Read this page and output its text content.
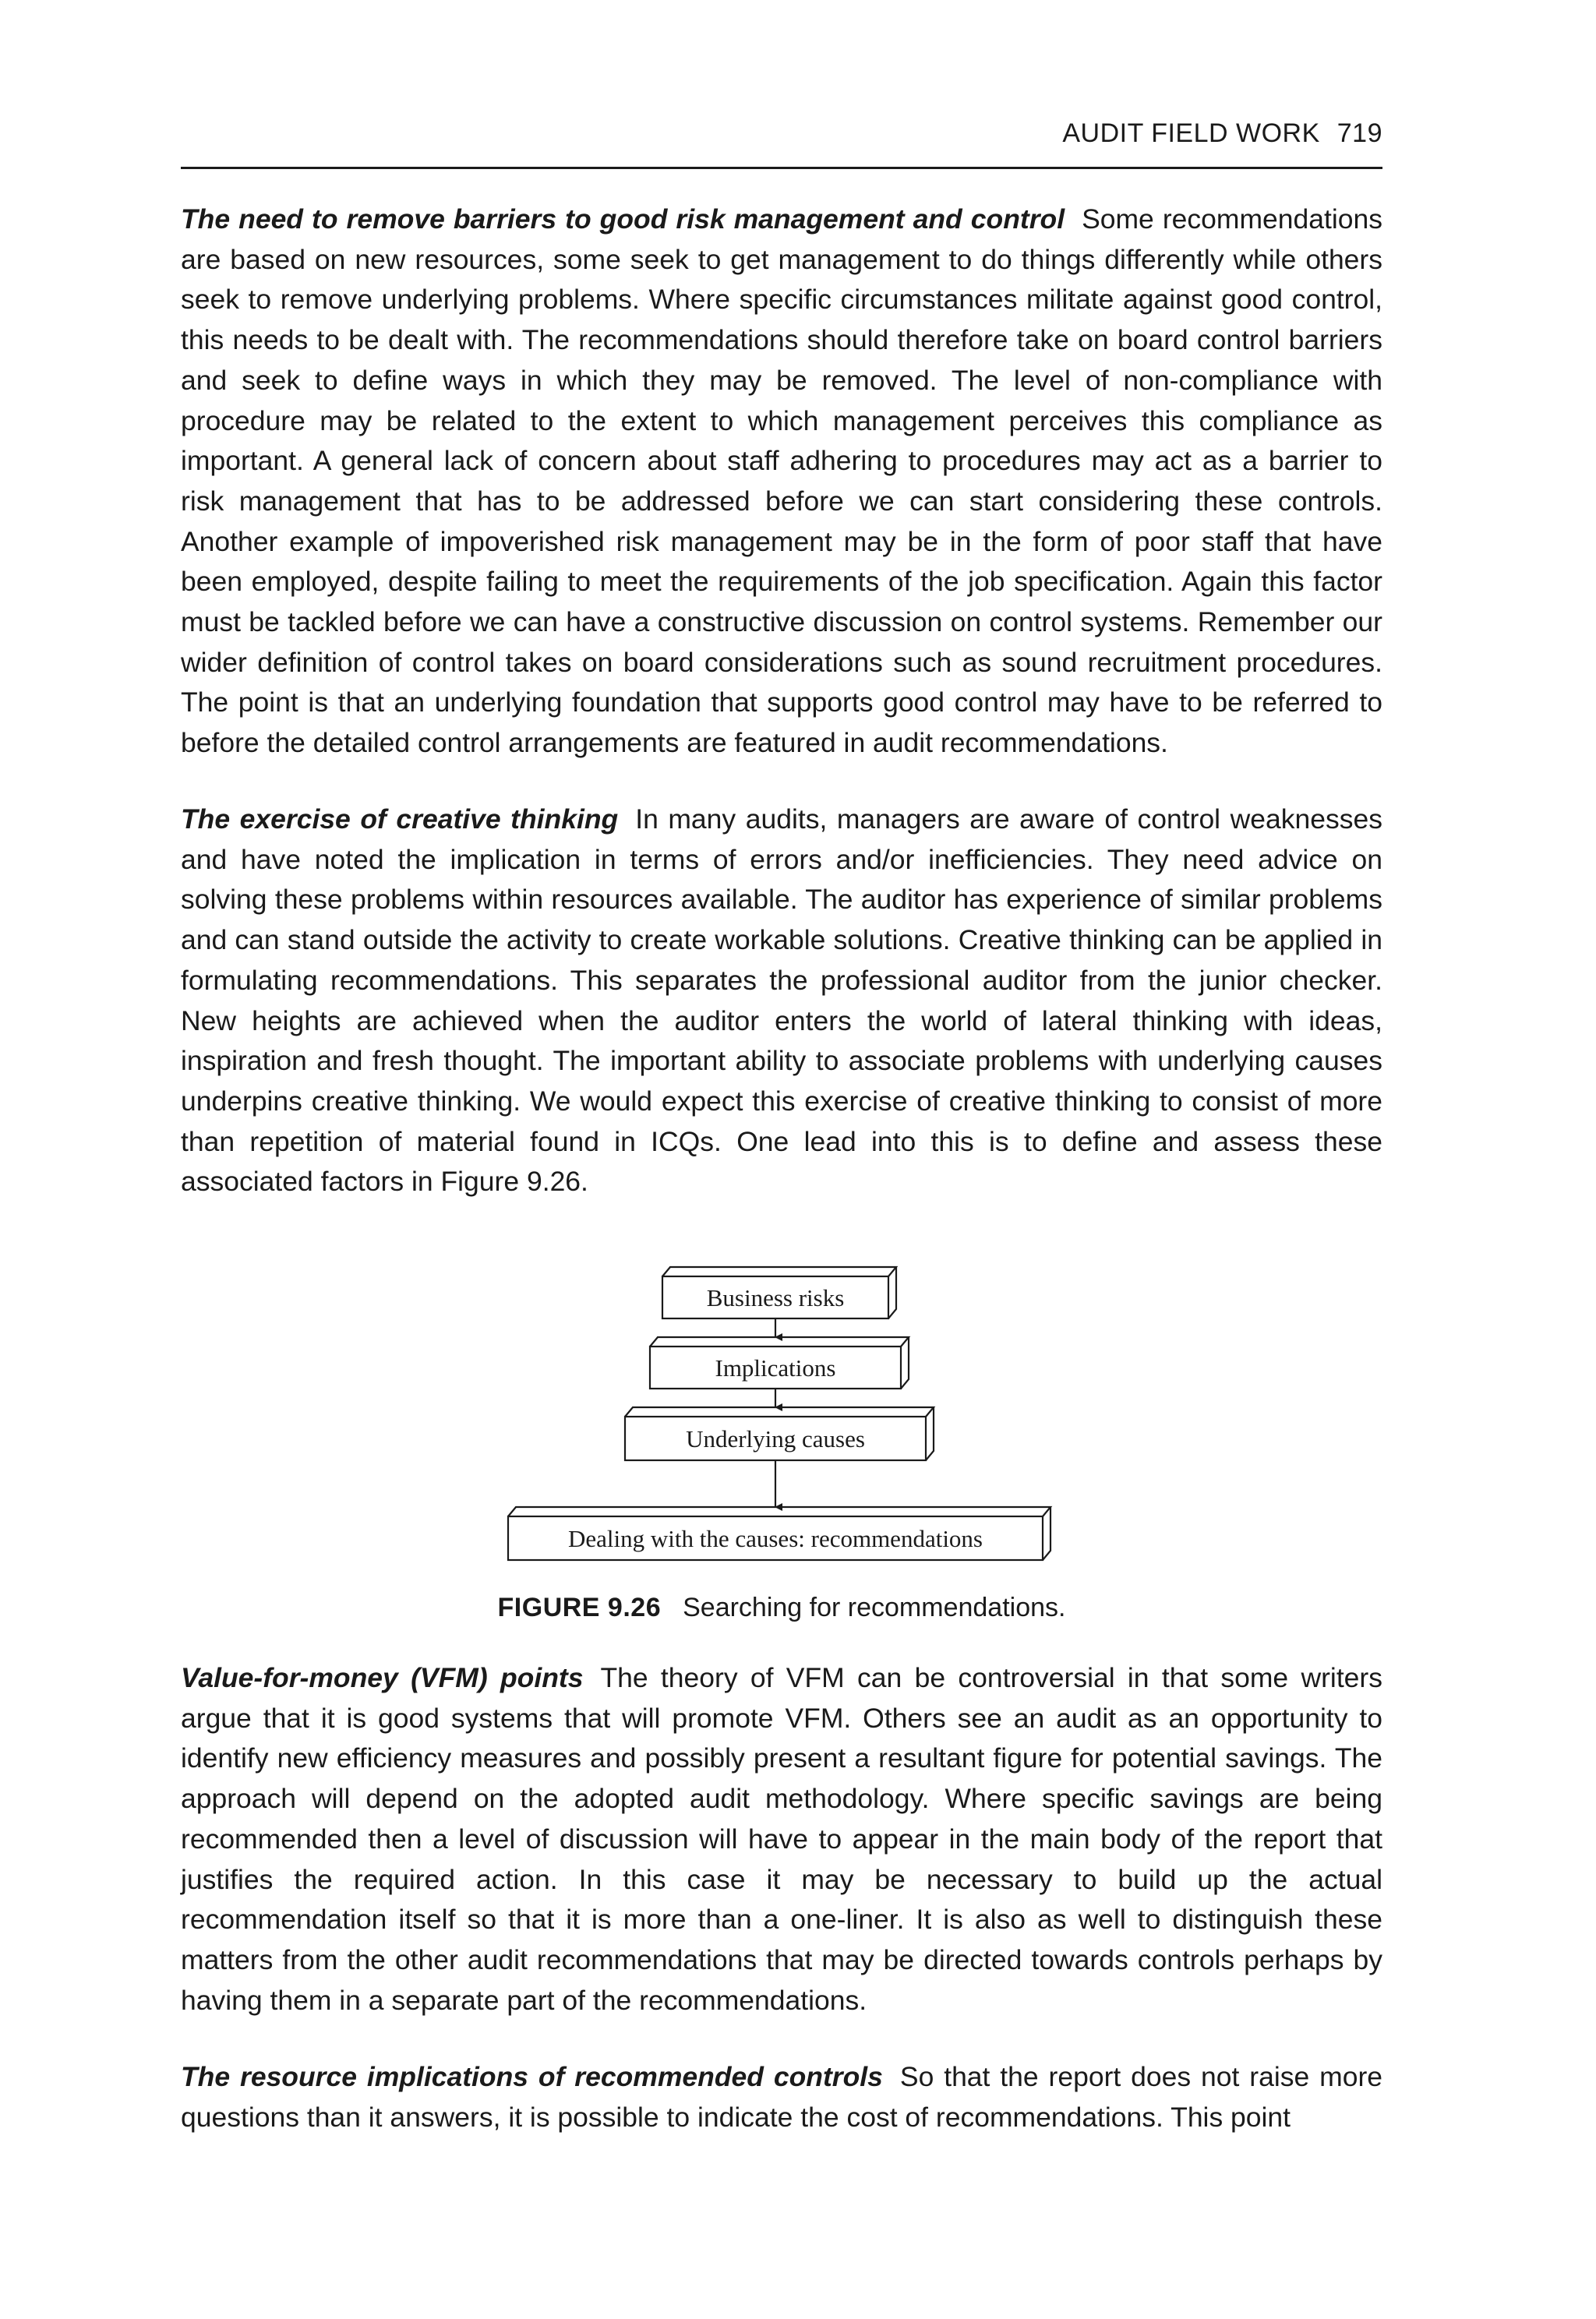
AUDIT FIELD WORK 719

The need to remove barriers to good risk management and control Some recommendations are based on new resources, some seek to get management to do things differently while others seek to remove underlying problems. Where specific circumstances militate against good control, this needs to be dealt with. The recommendations should therefore take on board control barriers and seek to define ways in which they may be removed. The level of non-compliance with procedure may be related to the extent to which management perceives this compliance as important. A general lack of concern about staff adhering to procedures may act as a barrier to risk management that has to be addressed before we can start considering these controls. Another example of impoverished risk management may be in the form of poor staff that have been employed, despite failing to meet the requirements of the job specification. Again this factor must be tackled before we can have a constructive discussion on control systems. Remember our wider definition of control takes on board considerations such as sound recruitment procedures. The point is that an underlying foundation that supports good control may have to be referred to before the detailed control arrangements are featured in audit recommendations.

The exercise of creative thinking In many audits, managers are aware of control weaknesses and have noted the implication in terms of errors and/or inefficiencies. They need advice on solving these problems within resources available. The auditor has experience of similar problems and can stand outside the activity to create workable solutions. Creative thinking can be applied in formulating recommendations. This separates the professional auditor from the junior checker. New heights are achieved when the auditor enters the world of lateral thinking with ideas, inspiration and fresh thought. The important ability to associate problems with underlying causes underpins creative thinking. We would expect this exercise of creative thinking to consist of more than repetition of material found in ICQs. One lead into this is to define and assess these associated factors in Figure 9.26.

Business risks
Implications
Underlying causes
Dealing with the causes: recommendations
FIGURE 9.26 Searching for recommendations.

Value-for-money (VFM) points The theory of VFM can be controversial in that some writers argue that it is good systems that will promote VFM. Others see an audit as an opportunity to identify new efficiency measures and possibly present a resultant figure for potential savings. The approach will depend on the adopted audit methodology. Where specific savings are being recommended then a level of discussion will have to appear in the main body of the report that justifies the required action. In this case it may be necessary to build up the actual recommendation itself so that it is more than a one-liner. It is also as well to distinguish these matters from the other audit recommendations that may be directed towards controls perhaps by having them in a separate part of the recommendations.

The resource implications of recommended controls So that the report does not raise more questions than it answers, it is possible to indicate the cost of recommendations. This point
